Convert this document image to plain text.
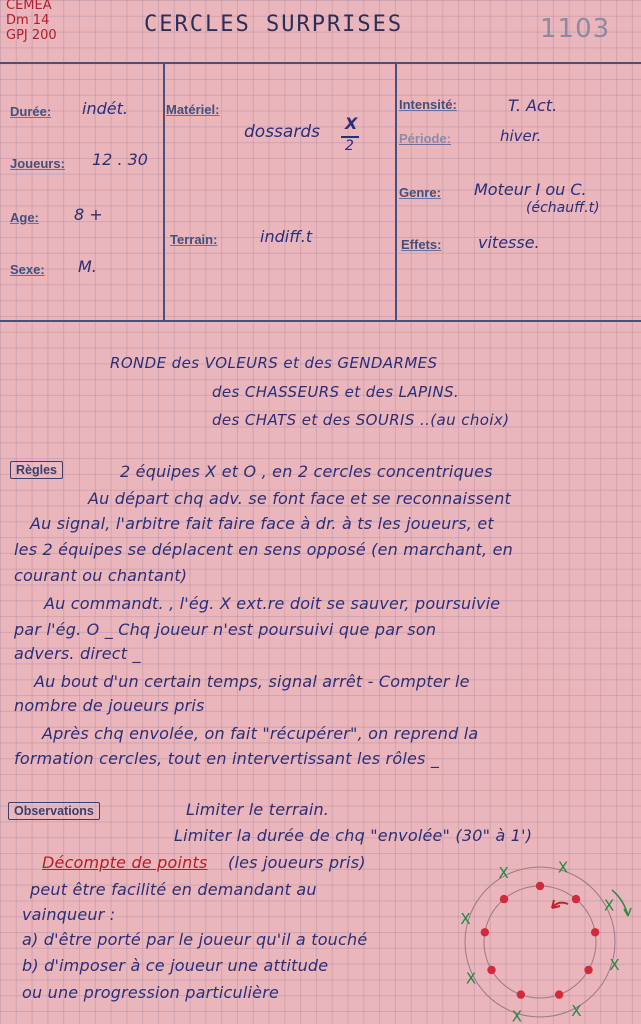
CEMEA
Dm 14
GPJ 200	CERCLES SURPRISES	1103
Durée: indét.
Joueurs: 12 . 30
Age: 8 +
Sexe: M.
Matériel:
dossards X
2
Terrain:	indiff.t
Intensité:	T. Act.
Période:	hiver.
Genre: Moteur I ou C.
(échauff.t)
Effets: vitesse.
RONDE des VOLEURS et des GENDARMES
des CHASSEURS et des LAPINS.
des CHATS et des SOURIS ..(au choix)
Règles	2 équipes X et O , en 2 cercles concentriques
Au départ chq adv. se font face et se reconnaissent
Au signal, l'arbitre fait faire face à dr. à ts les joueurs, et
les 2 équipes se déplacent en sens opposé (en marchant, en
courant ou chantant)
Au commandt. , l'ég. X ext.re doit se sauver, poursuivie
par l'ég. O _ Chq joueur n'est poursuivi que par son
advers. direct _
Au bout d'un certain temps, signal arrêt - Compter le
nombre de joueurs pris
Après chq envolée, on fait "récupérer", on reprend la
formation cercles, tout en intervertissant les rôles _
Observations	Limiter le terrain.
Limiter la durée de chq "envolée" (30" à 1')
Décompte de points (les joueurs pris)
peut être facilité en demandant au
vainqueur :
a) d'être porté par le joueur qu'il a touché
b) d'imposer à ce joueur une attitude
ou une progression particulière
X
X
X
X
X
X
X
X
